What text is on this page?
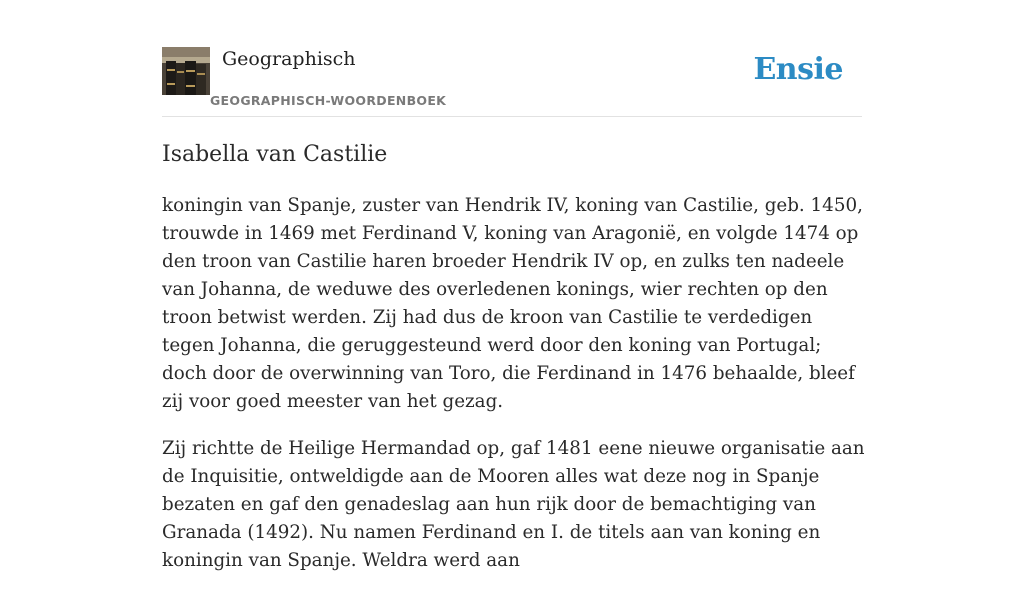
Geographisch
GEOGRAPHISCH-WOORDENBOEK
Ensie
Isabella van Castilie

koningin van Spanje, zuster van Hendrik IV, koning van Castilie, geb. 1450, trouwde in 1469 met Ferdinand V, koning van Aragonië, en volgde 1474 op den troon van Castilie haren broeder Hendrik IV op, en zulks ten nadeele van Johanna, de weduwe des overledenen konings, wier rechten op den troon betwist werden. Zij had dus de kroon van Castilie te verdedigen tegen Johanna, die geruggesteund werd door den koning van Portugal; doch door de overwinning van Toro, die Ferdinand in 1476 behaalde, bleef zij voor goed meester van het gezag.

Zij richtte de Heilige Hermandad op, gaf 1481 eene nieuwe organisatie aan de Inquisitie, ontweldigde aan de Mooren alles wat deze nog in Spanje bezaten en gaf den genadeslag aan hun rijk door de bemachtiging van Granada (1492). Nu namen Ferdinand en I. de titels aan van koning en koningin van Spanje. Weldra werd aan
